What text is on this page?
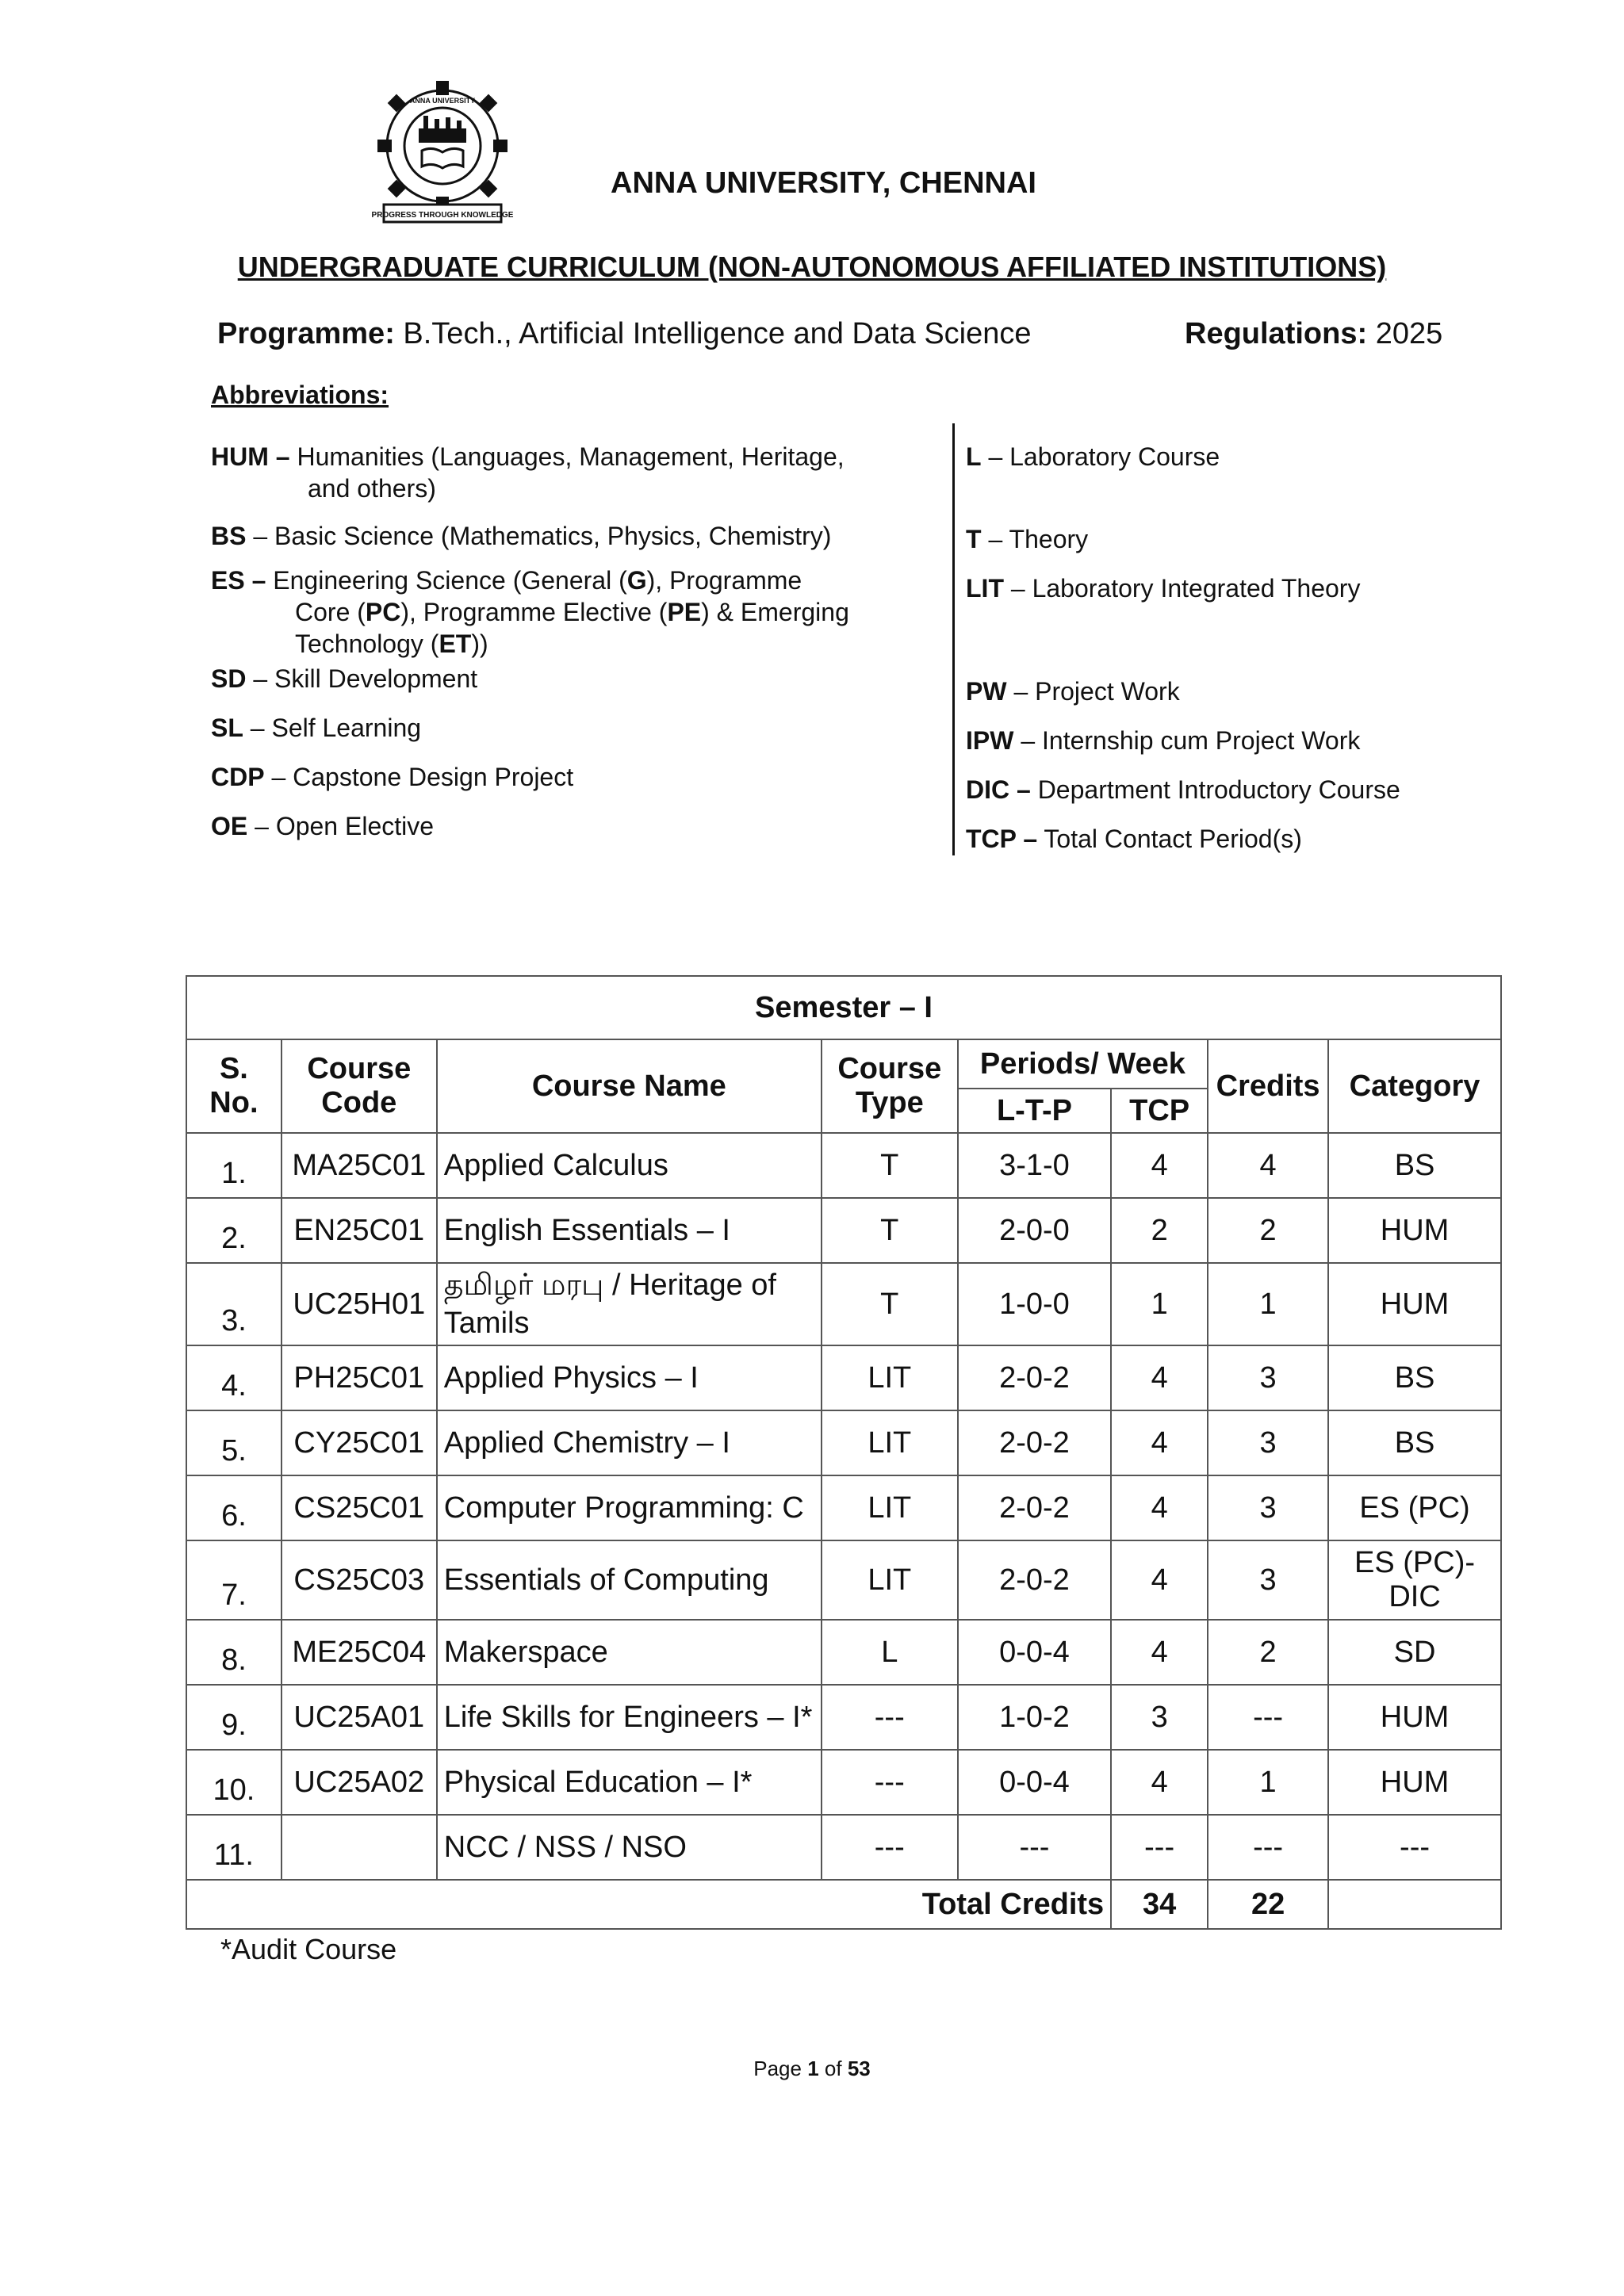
PROGRESS THROUGH KNOWLEDGE
ANNA UNIVERSITY
ANNA UNIVERSITY, CHENNAI
UNDERGRADUATE CURRICULUM (NON-AUTONOMOUS AFFILIATED INSTITUTIONS)
Programme: B.Tech., Artificial Intelligence and Data Science	Regulations: 2025
Abbreviations:
HUM – Humanities (Languages, Management, Heritage,
and others)
BS – Basic Science (Mathematics, Physics, Chemistry)
ES – Engineering Science (General (G), Programme
Core (PC), Programme Elective (PE) & Emerging
Technology (ET))
SD – Skill Development
SL – Self Learning
CDP – Capstone Design Project
OE – Open Elective
L – Laboratory Course
T – Theory
LIT – Laboratory Integrated Theory
PW – Project Work
IPW – Internship cum Project Work
DIC – Department Introductory Course
TCP – Total Contact Period(s)
Semester – I							
S. No.	Course Code	Course Name	Course Type	Periods/ Week		Credits	Category
				L-T-P	TCP		
1.	MA25C01	Applied Calculus	T	3-1-0	4	4	BS
2.	EN25C01	English Essentials – I	T	2-0-0	2	2	HUM
3.	UC25H01	தமிழர் மரபு / Heritage of Tamils	T	1-0-0	1	1	HUM
4.	PH25C01	Applied Physics – I	LIT	2-0-2	4	3	BS
5.	CY25C01	Applied Chemistry – I	LIT	2-0-2	4	3	BS
6.	CS25C01	Computer Programming: C	LIT	2-0-2	4	3	ES (PC)
7.	CS25C03	Essentials of Computing	LIT	2-0-2	4	3	ES (PC)-DIC
8.	ME25C04	Makerspace	L	0-0-4	4	2	SD
9.	UC25A01	Life Skills for Engineers – I*	---	1-0-2	3	---	HUM
10.	UC25A02	Physical Education – I*	---	0-0-4	4	1	HUM
11.		NCC / NSS / NSO	---	---	---	---	---
Total Credits					34	22	
*Audit Course
Page 1 of 53
